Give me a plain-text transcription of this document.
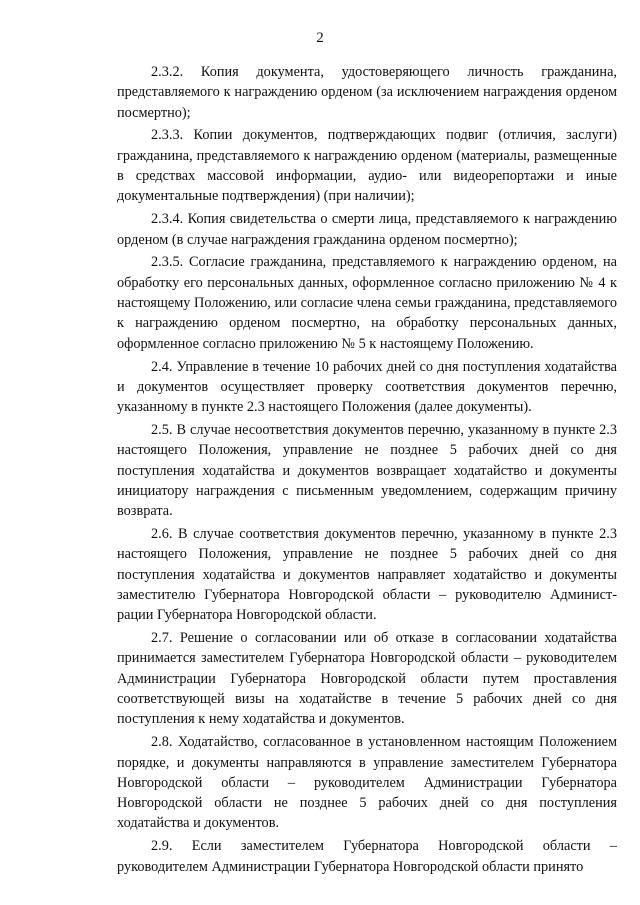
2

2.3.2. Копия документа, удостоверяющего личность гражданина, представляемого к награждению орденом (за исключением награждения орденом посмертно);

2.3.3. Копии документов, подтверждающих подвиг (отличия, заслуги) гражданина, представляемого к награждению орденом (материалы, размещенные в средствах массовой информации, аудио- или видеорепортажи и иные документальные подтверждения) (при наличии);

2.3.4. Копия свидетельства о смерти лица, представляемого к награждению орденом (в случае награждения гражданина орденом посмертно);

2.3.5. Согласие гражданина, представляемого к награждению орденом, на обработку его персональных данных, оформленное согласно приложению № 4 к настоящему Положению, или согласие члена семьи гражданина, представляемого к награждению орденом посмертно, на обработку персональных данных, оформленное согласно приложению № 5 к настоящему Положению.

2.4. Управление в течение 10 рабочих дней со дня поступления ходатайства и документов осуществляет проверку соответствия документов перечню, указанному в пункте 2.3 настоящего Положения (далее документы).

2.5. В случае несоответствия документов перечню, указанному в пункте 2.3 настоящего Положения, управление не позднее 5 рабочих дней со дня поступления ходатайства и документов возвращает ходатайство и документы инициатору награждения с письменным уведомлением, содержащим причину возврата.

2.6. В случае соответствия документов перечню, указанному в пункте 2.3 настоящего Положения, управление не позднее 5 рабочих дней со дня поступления ходатайства и документов направляет ходатайство и документы заместителю Губернатора Новгородской области – руководителю Администрации Губернатора Новгородской области.

2.7. Решение о согласовании или об отказе в согласовании ходатайства принимается заместителем Губернатора Новгородской области – руководителем Администрации Губернатора Новгородской области путем проставления соответствующей визы на ходатайстве в течение 5 рабочих дней со дня поступления к нему ходатайства и документов.

2.8. Ходатайство, согласованное в установленном настоящим Положением порядке, и документы направляются в управление заместителем Губернатора Новгородской области – руководителем Администрации Губернатора Новгородской области не позднее 5 рабочих дней со дня поступления ходатайства и документов.

2.9. Если заместителем Губернатора Новгородской области – руководителем Администрации Губернатора Новгородской области принято
